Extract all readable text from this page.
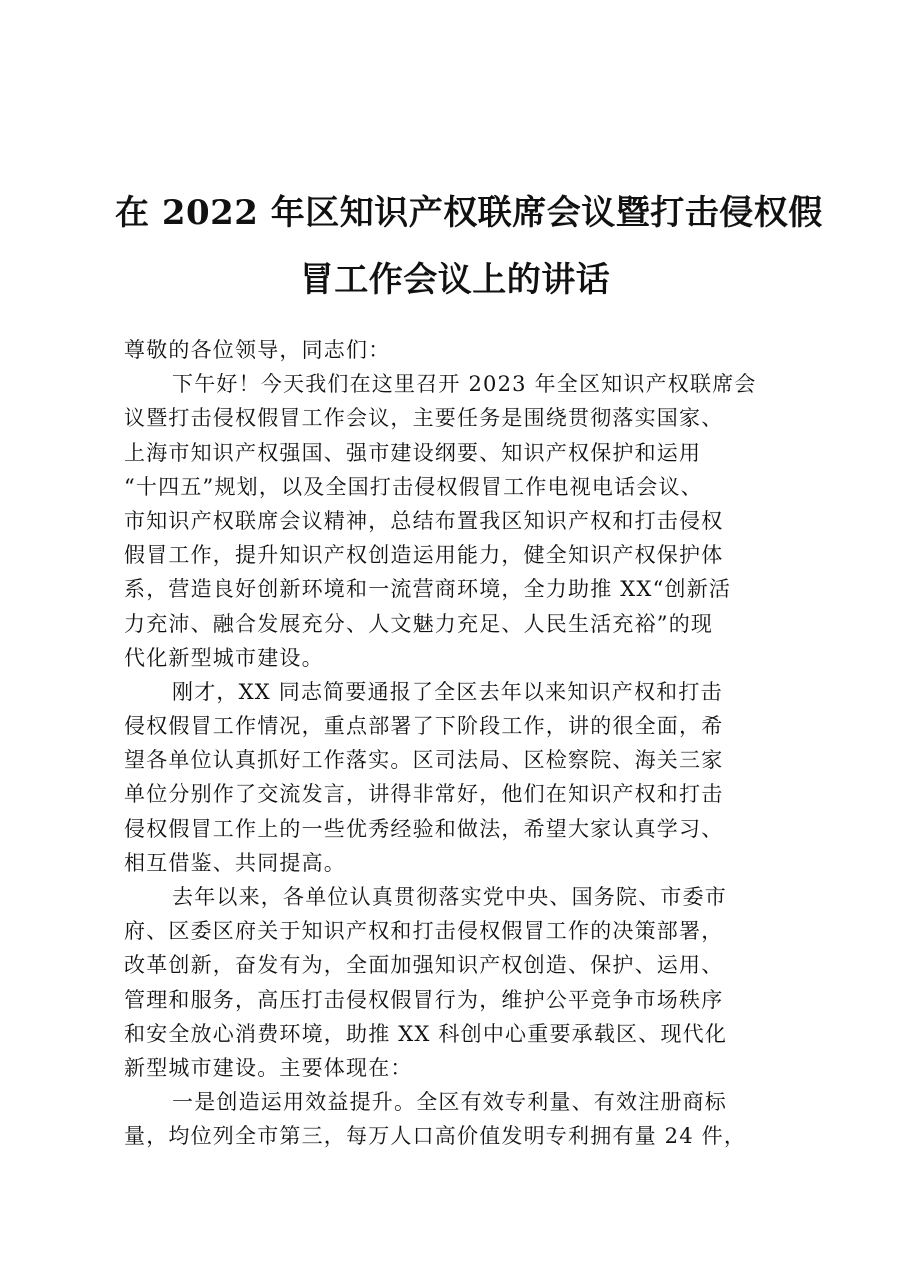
在 2022 年区知识产权联席会议暨打击侵权假
冒工作会议上的讲话
尊敬的各位领导，同志们：
下午好！今天我们在这里召开 2023 年全区知识产权联席会
议暨打击侵权假冒工作会议，主要任务是围绕贯彻落实国家、
上海市知识产权强国、强市建设纲要、知识产权保护和运用
“十四五”规划，以及全国打击侵权假冒工作电视电话会议、
市知识产权联席会议精神，总结布置我区知识产权和打击侵权
假冒工作，提升知识产权创造运用能力，健全知识产权保护体
系，营造良好创新环境和一流营商环境，全力助推 XX“创新活
力充沛、融合发展充分、人文魅力充足、人民生活充裕”的现
代化新型城市建设。
刚才，XX 同志简要通报了全区去年以来知识产权和打击
侵权假冒工作情况，重点部署了下阶段工作，讲的很全面，希
望各单位认真抓好工作落实。区司法局、区检察院、海关三家
单位分别作了交流发言，讲得非常好，他们在知识产权和打击
侵权假冒工作上的一些优秀经验和做法，希望大家认真学习、
相互借鉴、共同提高。
去年以来，各单位认真贯彻落实党中央、国务院、市委市
府、区委区府关于知识产权和打击侵权假冒工作的决策部署，
改革创新，奋发有为，全面加强知识产权创造、保护、运用、
管理和服务，高压打击侵权假冒行为，维护公平竞争市场秩序
和安全放心消费环境，助推 XX 科创中心重要承载区、现代化
新型城市建设。主要体现在：
一是创造运用效益提升。全区有效专利量、有效注册商标
量，均位列全市第三，每万人口高价值发明专利拥有量 24 件，
